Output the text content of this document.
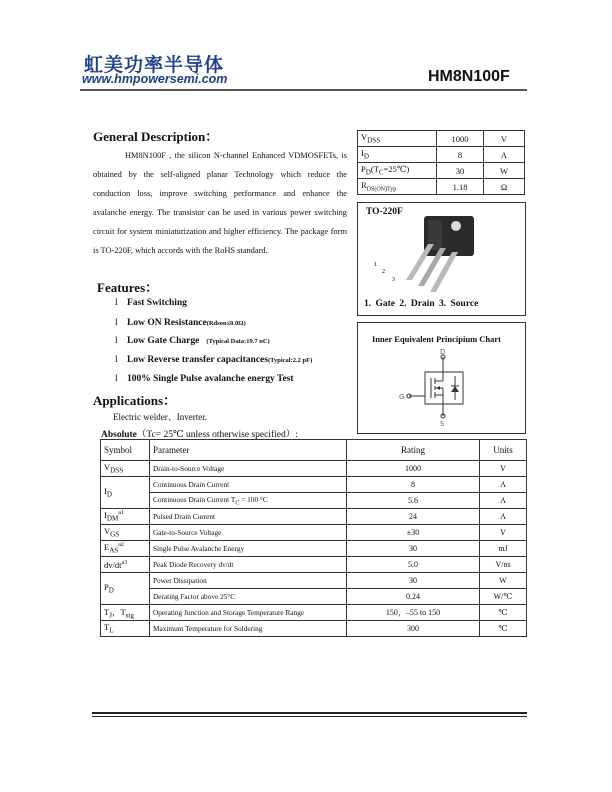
虹美功率半导体
www.hmpowersemi.com	HM8N100F
General Description：

HM8N100F , the silicon N-channel Enhanced VDMOSFETs, is obtained by the self-aligned planar Technology which reduce the conduction loss, improve switching performance and enhance the avalanche energy. The transistor can be used in various power switching circuit for system miniaturization and higher efficiency. The package form is TO-220F, which accords with the RoHS standard.

$V_{DSS}$	1000	V
$I_D$	8	A
$P_D(T_C=25℃)$	30	W
$R_{DS(ON)Typ}$	1.18	Ω
TO-220F
1
2
3
1. Gate 2. Drain 3. Source
Inner Equivalent Principium Chart
D
G
S
Features：
l Fast Switching
l Low ON Resistance(Rdson≤0.0Ω)
l Low Gate Charge (Typical Data:19.7 nC)
l Low Reverse transfer capacitances(Typical:2.2 pF)
l 100% Single Pulse avalanche energy Test
Applications：
Electric welder、Inverter.
Absolute（Tc= 25℃ unless otherwise specified）:
Symbol	Parameter	Rating	Units
$V_{DSS}$	Drain-to-Source Voltage	1000	V
$I_D$	Continuous Drain Current	8	A
	Continuous Drain Current $T_C = 100$ °C	5.6	A
$I_{DM}^{a1}$	Pulsed Drain Current	24	A
$V_{GS}$	Gate-to-Source Voltage	±30	V
$E_{AS}^{a2}$	Single Pulse Avalanche Energy	30	mJ
$dv/dt^{a3}$	Peak Diode Recovery dv/dt	5.0	V/ns
$P_D$	Power Dissipation	30	W
	Derating Factor above 25°C	0.24	W/℃
$T_J$，$T_{stg}$	Operating Junction and Storage Temperature Range	150，–55 to 150	℃
$T_L$	Maximum Temperature for Soldering	300	℃
